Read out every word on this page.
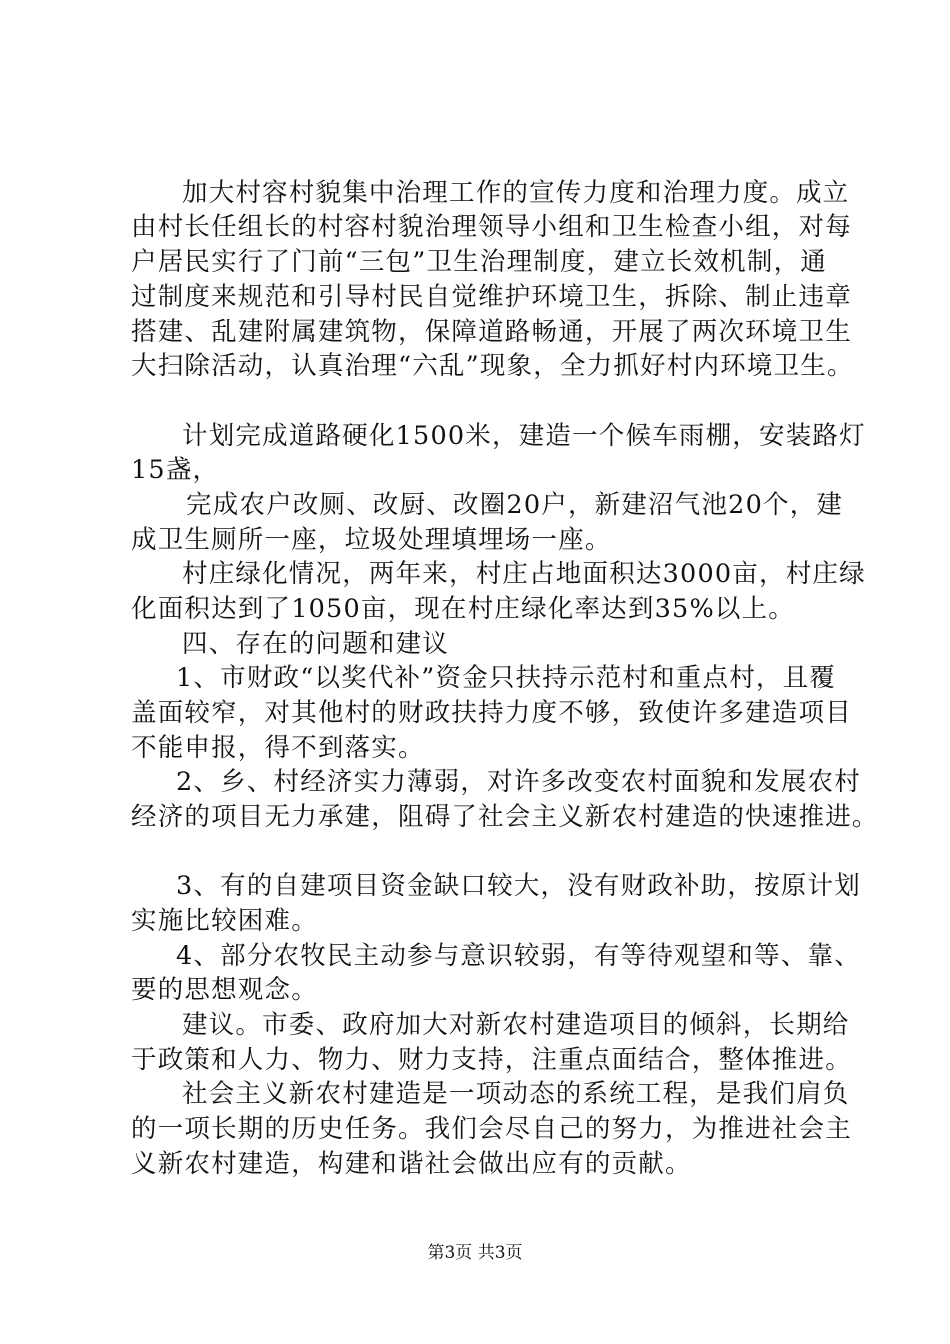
加大村容村貌集中治理工作的宣传力度和治理力度。成立
由村长任组长的村容村貌治理领导小组和卫生检查小组，对每
户居民实行了门前“三包”卫生治理制度，建立长效机制，通
过制度来规范和引导村民自觉维护环境卫生，拆除、制止违章
搭建、乱建附属建筑物，保障道路畅通，开展了两次环境卫生
大扫除活动，认真治理“六乱”现象，全力抓好村内环境卫生。
计划完成道路硬化1500米，建造一个候车雨棚，安装路灯
15盏，
完成农户改厕、改厨、改圈20户，新建沼气池20个，建
成卫生厕所一座，垃圾处理填埋场一座。
村庄绿化情况，两年来，村庄占地面积达3000亩，村庄绿
化面积达到了1050亩，现在村庄绿化率达到35%以上。
四、存在的问题和建议
1、市财政“以奖代补”资金只扶持示范村和重点村，且覆
盖面较窄，对其他村的财政扶持力度不够，致使许多建造项目
不能申报，得不到落实。
2、乡、村经济实力薄弱，对许多改变农村面貌和发展农村
经济的项目无力承建，阻碍了社会主义新农村建造的快速推进。
3、有的自建项目资金缺口较大，没有财政补助，按原计划
实施比较困难。
4、部分农牧民主动参与意识较弱，有等待观望和等、靠、
要的思想观念。
建议。市委、政府加大对新农村建造项目的倾斜，长期给
于政策和人力、物力、财力支持，注重点面结合，整体推进。
社会主义新农村建造是一项动态的系统工程，是我们肩负
的一项长期的历史任务。我们会尽自己的努力，为推进社会主
义新农村建造，构建和谐社会做出应有的贡献。
第3页 共3页
